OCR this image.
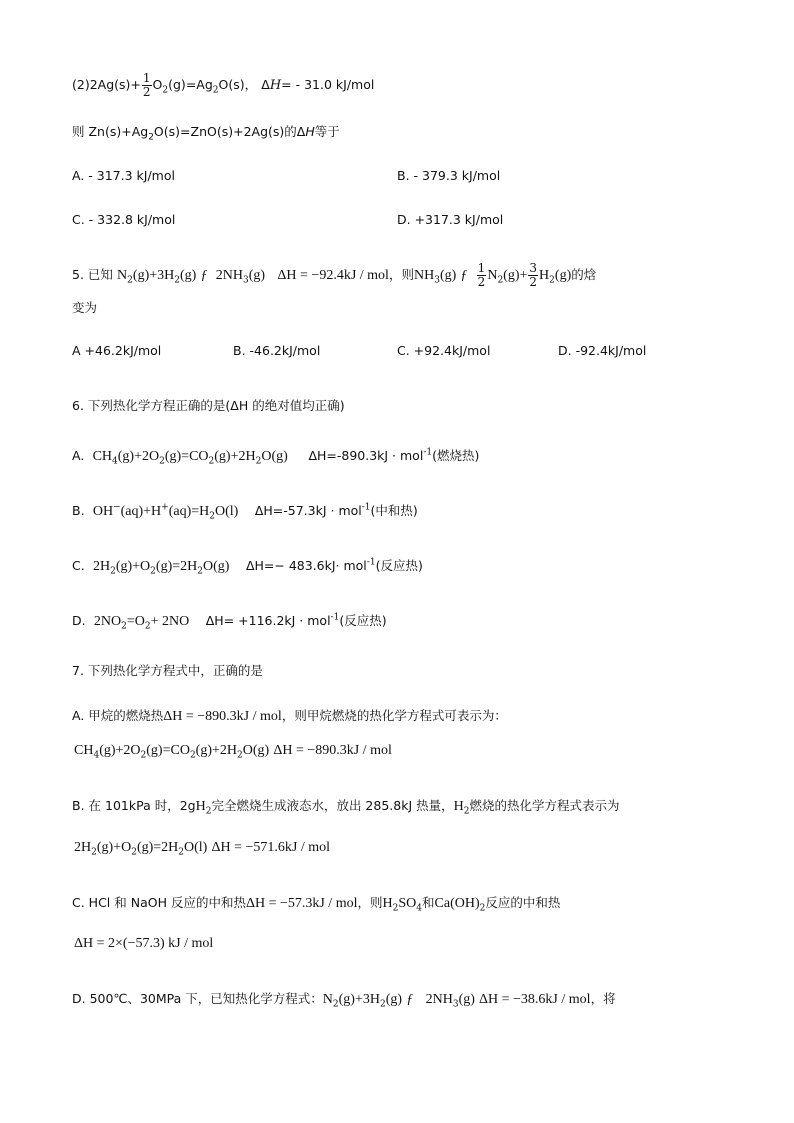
$(2)2Ag(s)+ \frac{1}{2} O_2(g)=Ag_2O(s)$， ΔH= - 31.0 kJ/mol
则 $Zn(s)+Ag_2O(s)=ZnO(s)+2Ag(s)$的ΔH等于
A. - 317.3 kJ/mol	B. - 379.3 kJ/mol
C. - 332.8 kJ/mol	D. +317.3 kJ/mol
5. 已知 $N_2(g)+3H_2(g)$ ƒ $2NH_3(g) \Delta H = -92.4kJ$ / mol，则$NH_3(g)$ ƒ $\frac{1}{2} N_2(g)+ \frac{3}{2} H_2(g)$的焓
变为
A +46.2kJ/mol	B. -46.2kJ/mol	C. +92.4kJ/mol	D. -92.4kJ/mol
6. 下列热化学方程正确的是(ΔH 的绝对值均正确)
A. $CH_4(g)+2O_2(g)=CO_2(g)+2H_2O(g) \Delta H=-890.3kJ \cdot mol^{-1}$(燃烧热)
B. $OH^-(aq)+H^+(aq)=H_2O(l) \Delta H=-57.3kJ \cdot mol^{-1}$(中和热)
C. $2H_2(g)+O_2(g)=2H_2O(g)$ ΔH=− 483.6kJ· mol$^{-1}$(反应热)
D. $2NO_2=O_2+ 2NO$ ΔH= +116.2kJ · mol$^{-1}$(反应热)
7. 下列热化学方程式中，正确的是
A. 甲烷的燃烧热ΔH = −890.3kJ / mol，则甲烷燃烧的热化学方程式可表示为：
$CH_4(g)+2O_2(g)=CO_2(g)+2H_2O(g) \Delta H = -890.3kJ$ / mol
B. 在 101kPa 时，$2gH_2$完全燃烧生成液态水，放出 285.8kJ 热量，$H_2$燃烧的热化学方程式表示为
$2H_2(g)+O_2(g)=2H_2O(l) \Delta H = -571.6kJ$ / mol
C. HCl 和 NaOH 反应的中和热ΔH = −57.3kJ / mol，则$H_2SO_4$和$Ca(OH)_2$反应的中和热
ΔH = 2×(−57.3) kJ / mol
D. 500℃、30MPa 下，已知热化学方程式：$N_2(g)+3H_2(g)$ ƒ $2NH_3(g) \Delta H = -38.6kJ$ / mol，将
